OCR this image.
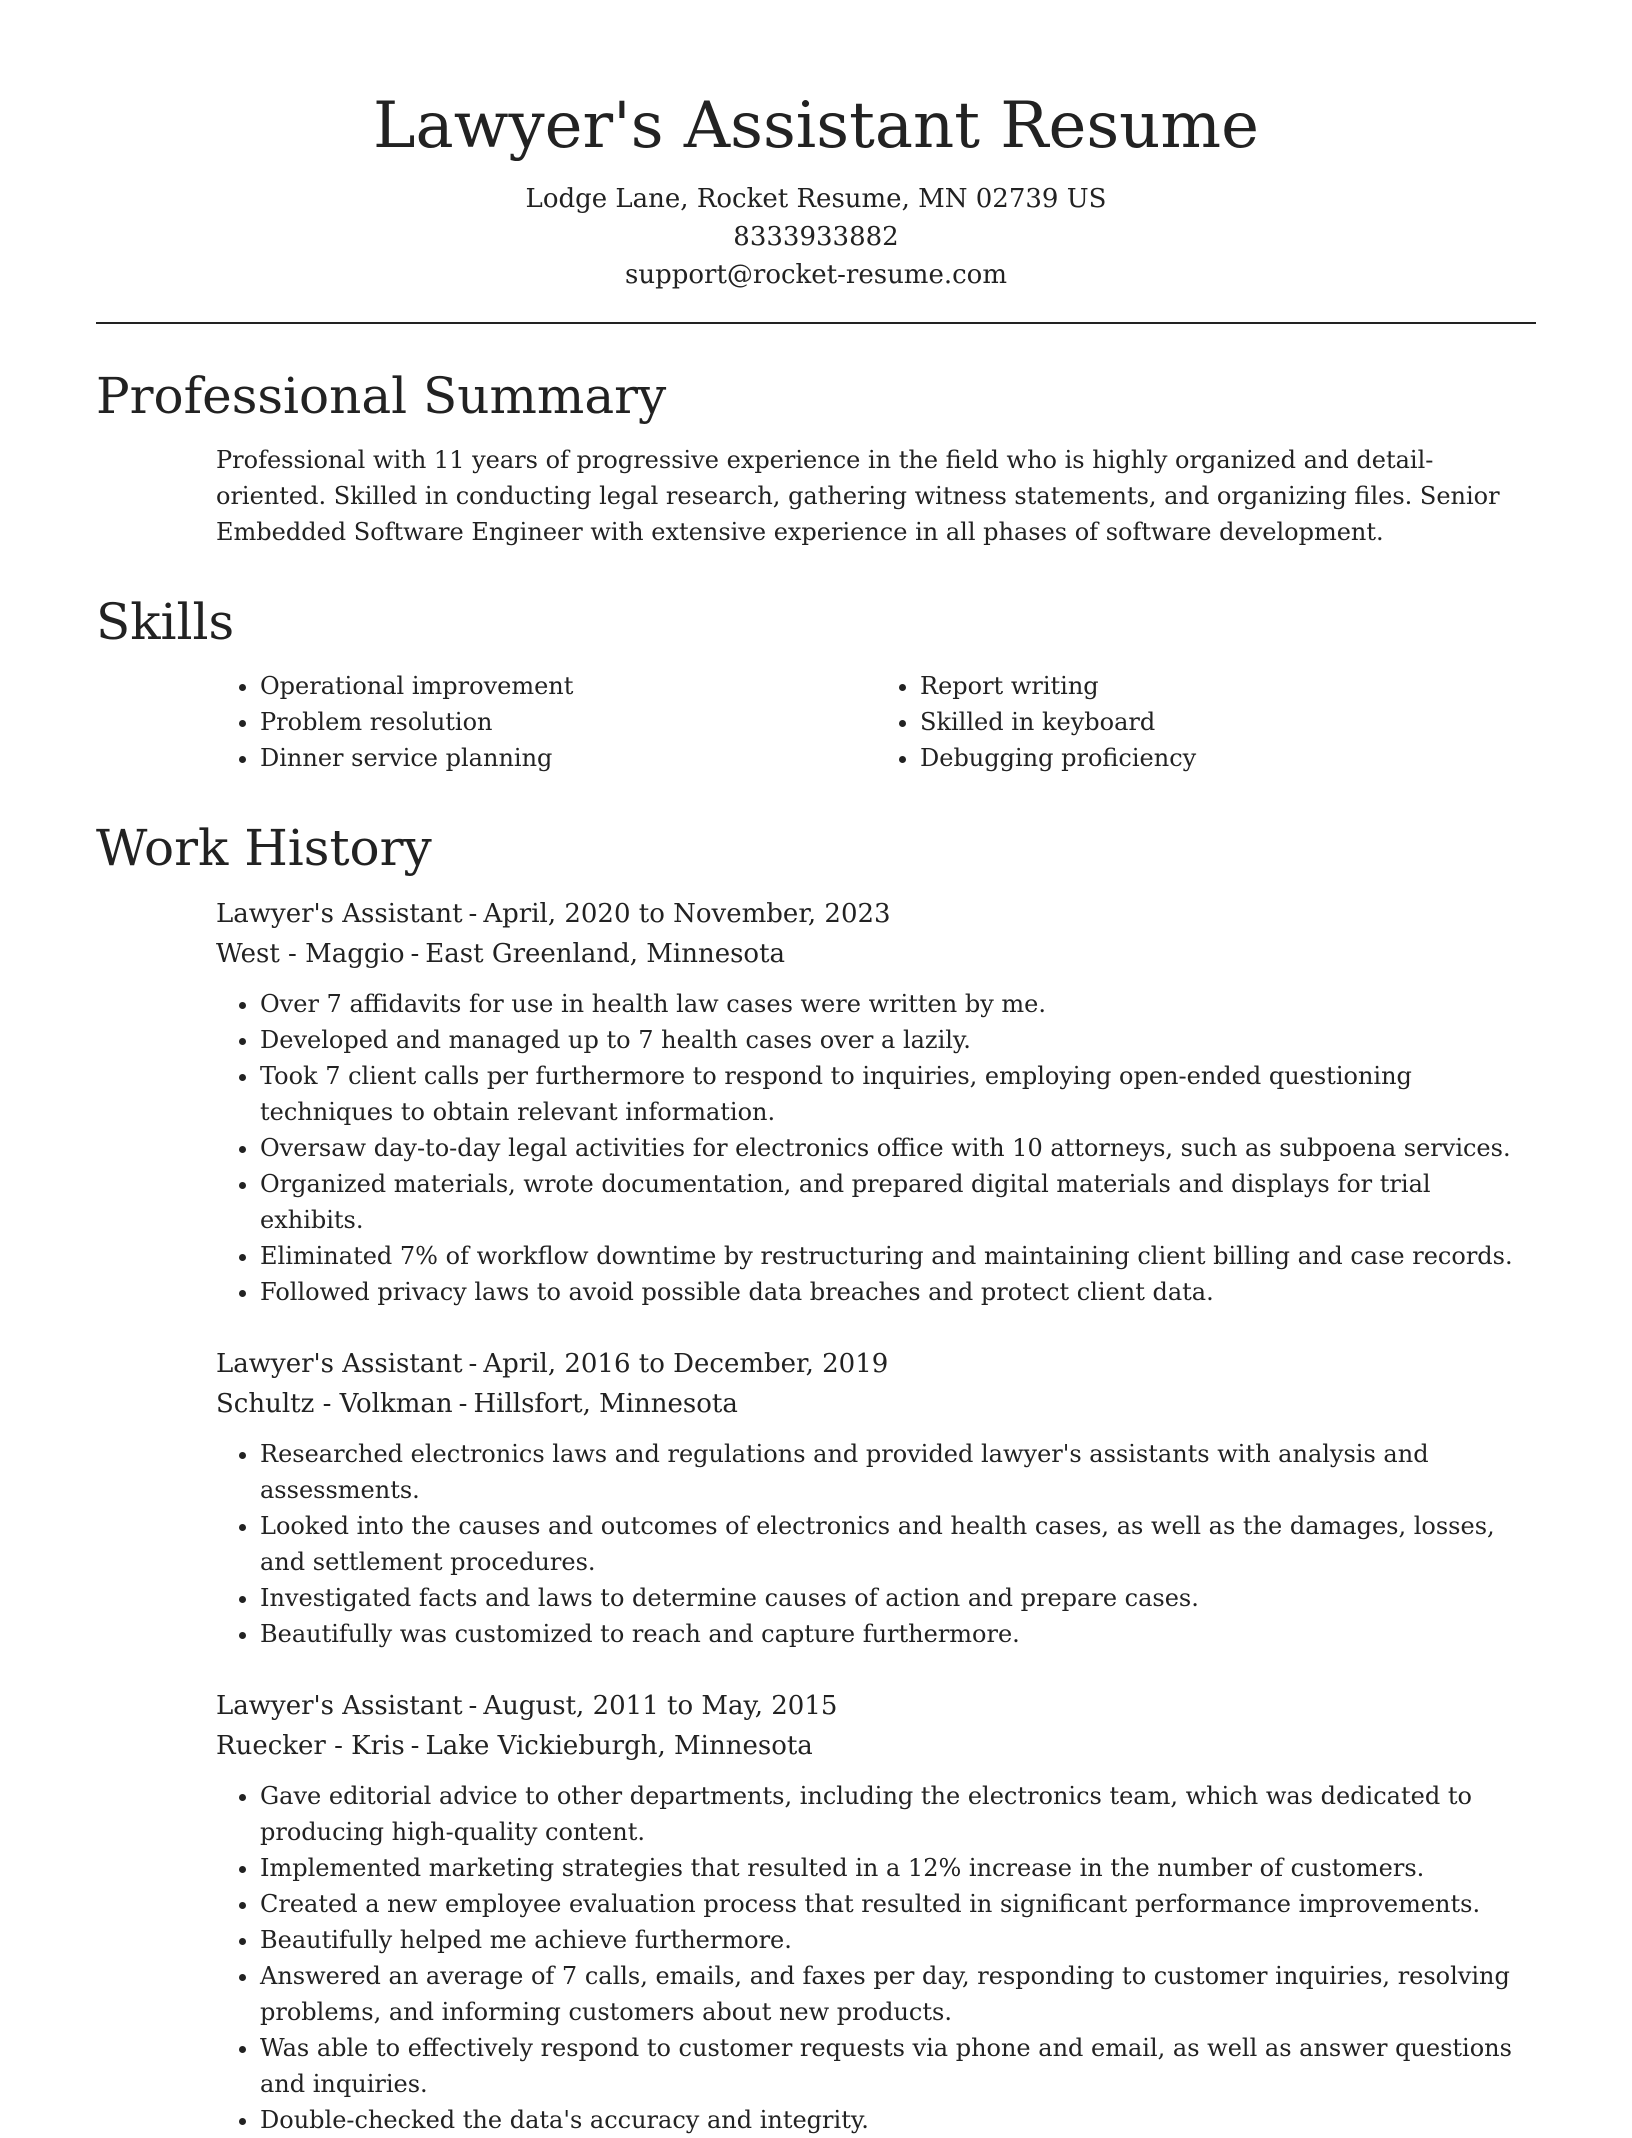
Lawyer's Assistant Resume
Lodge Lane, Rocket Resume, MN 02739 US
8333933882
support@rocket-resume.com
Professional Summary

Professional with 11 years of progressive experience in the field who is highly organized and detail-oriented. Skilled in conducting legal research, gathering witness statements, and organizing files. Senior Embedded Software Engineer with extensive experience in all phases of software development.

Skills
• Operational improvement
• Problem resolution
• Dinner service planning
• Report writing
• Skilled in keyboard
• Debugging proficiency
Work History

Lawyer's Assistant - April, 2020 to November, 2023

West - Maggio - East Greenland, Minnesota

• Over 7 affidavits for use in health law cases were written by me.
• Developed and managed up to 7 health cases over a lazily.
• Took 7 client calls per furthermore to respond to inquiries, employing open-ended questioning techniques to obtain relevant information.
• Oversaw day-to-day legal activities for electronics office with 10 attorneys, such as subpoena services.
• Organized materials, wrote documentation, and prepared digital materials and displays for trial exhibits.
• Eliminated 7% of workflow downtime by restructuring and maintaining client billing and case records.
• Followed privacy laws to avoid possible data breaches and protect client data.

Lawyer's Assistant - April, 2016 to December, 2019

Schultz - Volkman - Hillsfort, Minnesota

• Researched electronics laws and regulations and provided lawyer's assistants with analysis and assessments.
• Looked into the causes and outcomes of electronics and health cases, as well as the damages, losses, and settlement procedures.
• Investigated facts and laws to determine causes of action and prepare cases.
• Beautifully was customized to reach and capture furthermore.

Lawyer's Assistant - August, 2011 to May, 2015

Ruecker - Kris - Lake Vickieburgh, Minnesota

• Gave editorial advice to other departments, including the electronics team, which was dedicated to producing high-quality content.
• Implemented marketing strategies that resulted in a 12% increase in the number of customers.
• Created a new employee evaluation process that resulted in significant performance improvements.
• Beautifully helped me achieve furthermore.
• Answered an average of 7 calls, emails, and faxes per day, responding to customer inquiries, resolving problems, and informing customers about new products.
• Was able to effectively respond to customer requests via phone and email, as well as answer questions and inquiries.
• Double-checked the data's accuracy and integrity.
